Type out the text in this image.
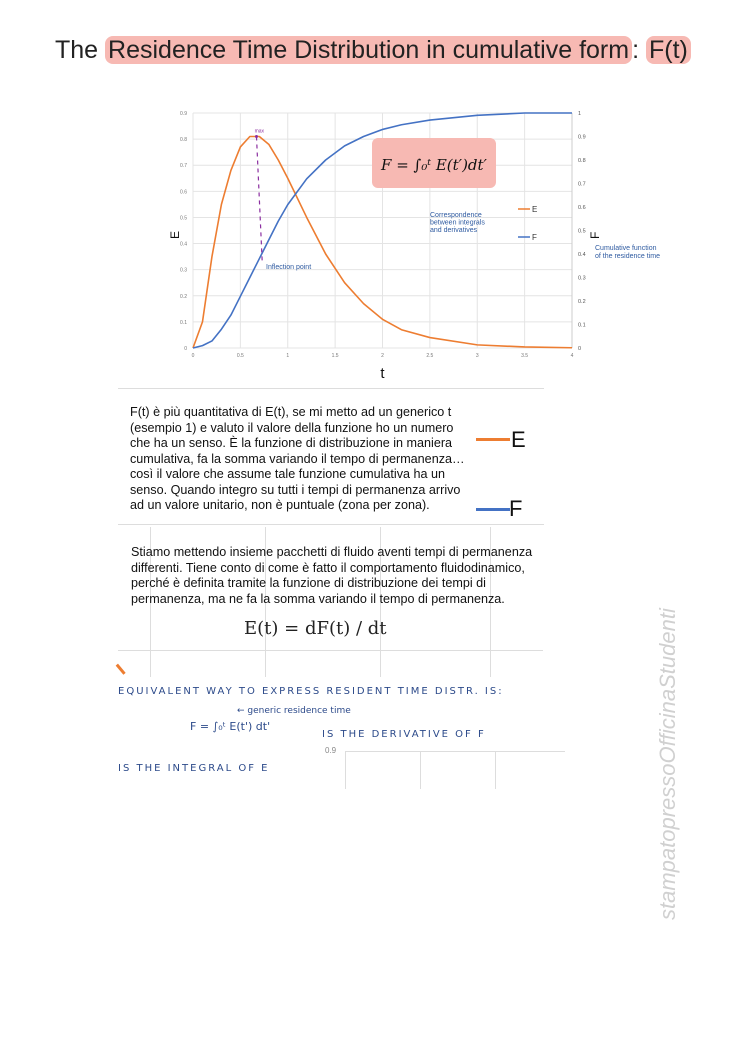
The Residence Time Distribution in cumulative form : F(t)
0
0.1
0.2
0.3
0.4
0.5
0.6
0.7
0.8
0.9
0	0.5	1	1.5	2	2.5	3	3.5	4
0
0.1
0.2
0.3
0.4
0.5
0.6
0.7
0.8
0.9
1
t
E	F
max
Inflection point
F = ∫₀ᵗ E(t′)dt′
Correspondence
between integrals
and derivatives
Cumulative function
of the residence time
E
F
F(t) è più quantitativa di E(t), se mi metto ad un generico t (esempio 1) e valuto il valore della funzione ho un numero che ha un senso. È la funzione di distribuzione in maniera cumulativa, fa la somma variando il tempo di permanenza… così il valore che assume tale funzione cumulativa ha un senso. Quando integro su tutti i tempi di permanenza arrivo ad un valore unitario, non è puntuale (zona per zona).
E
F
Stiamo mettendo insieme pacchetti di fluido aventi tempi di permanenza differenti. Tiene conto di come è fatto il comportamento fluidodinamico, perché è definita tramite la funzione di distribuzione dei tempi di permanenza, ma ne fa la somma variando il tempo di permanenza.
E(t) = dF(t) / dt
EQUIVALENT WAY TO EXPRESS RESIDENT TIME DISTR. IS:
F = ∫₀ᵗ E(t') dt'
← generic residence time
IS THE DERIVATIVE OF F
IS THE INTEGRAL OF E
0.9	stampatopressoOfficinaStudenti
